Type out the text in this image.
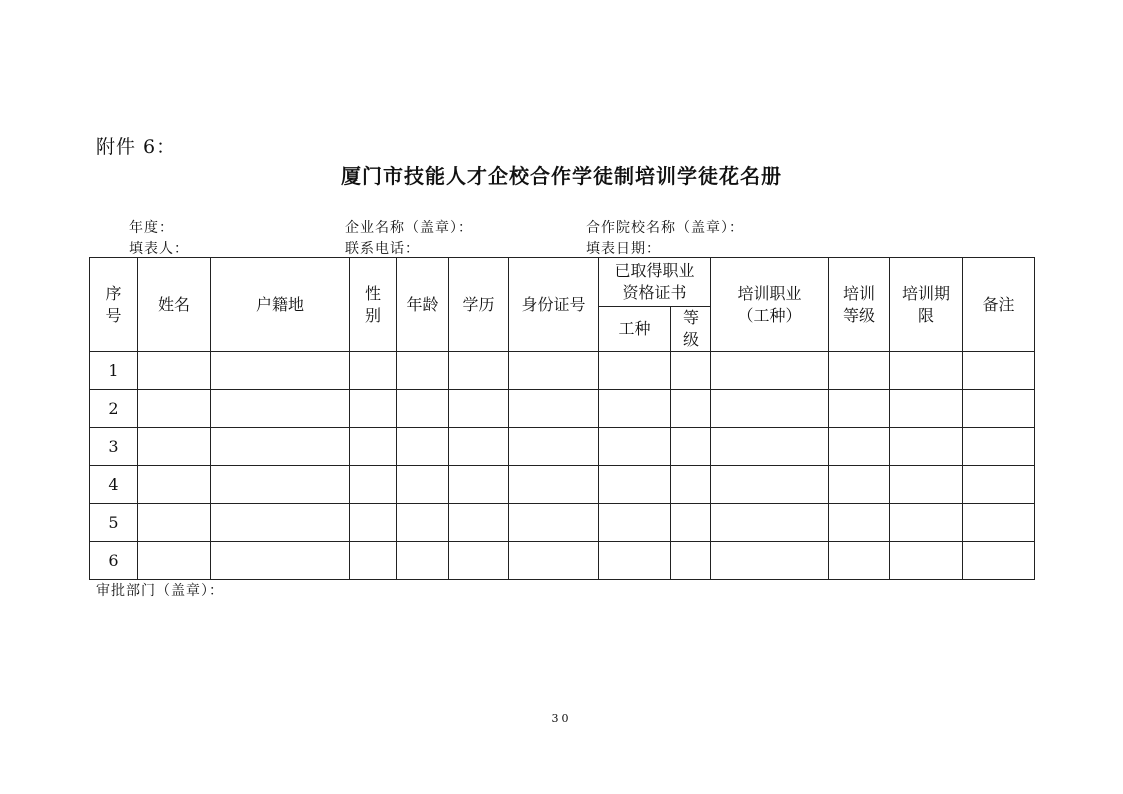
附件 6：
厦门市技能人才企校合作学徒制培训学徒花名册
年度：	企业名称（盖章）：	合作院校名称（盖章）：
填表人：	联系电话：	填表日期：
序号	姓名	户籍地	性别	年龄	学历	身份证号	已取得职业资格证书		培训职业（工种）	培训等级	培训期限	备注
							工种	等级				
1												
2												
3												
4												
5												
6												
审批部门（盖章）：
30
